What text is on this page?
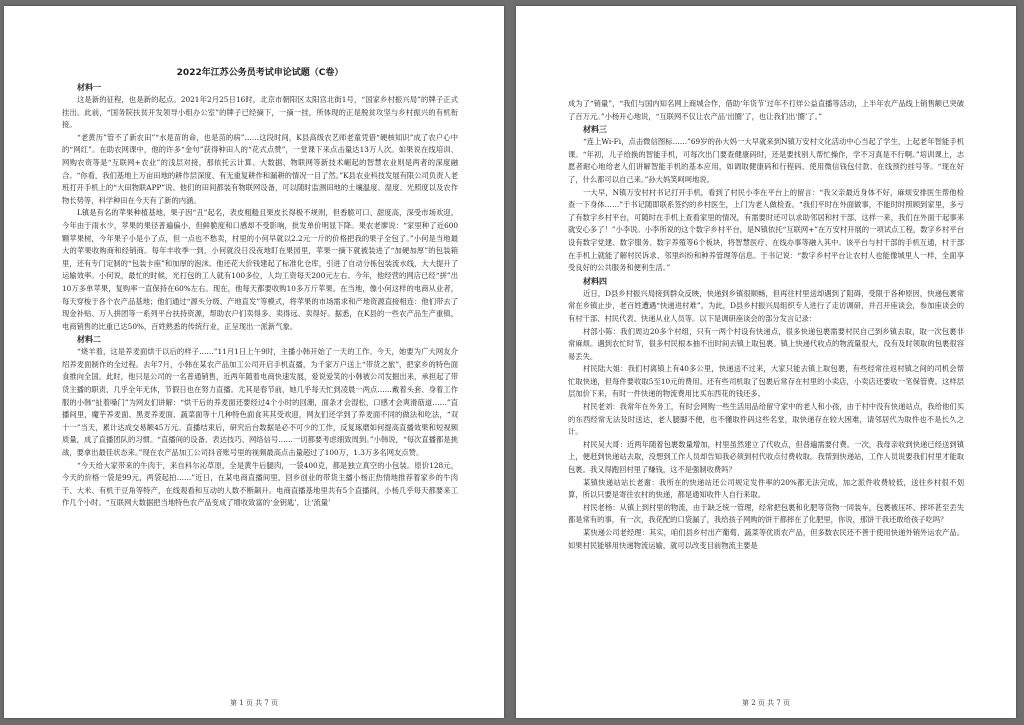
2022年江苏公务员考试申论试题（C卷）
材料一

这是新的征程，也是新的起点。2021年2月25日16时，北京市朝阳区太阳宫北街1号，“国家乡村振兴局”的牌子正式挂出。此前，“国务院扶贫开发领导小组办公室”的牌子已经摘下，一摘一挂，所体现的正是脱贫攻坚与乡村振兴的有机衔接。

“老黄历”管不了新农田”“水是苗的命，也是苗的病”……这段时间，K县高级农艺师老童凭借“硬核知识”成了农户心中的“网红”。在助农网课中，他的许多“金句”获得种田人的“花式点赞”，一堂课下来点击量达13万人次。如果说在线培训、网购农资等是“互联网+农业”的浅层对接，那依托云计算、大数据、物联网等新技术崛起的智慧农业则是两者的深度融合。“你看，我们基地上万亩田地的耕作层深度、有无重复耕作和漏耕的情况一目了然。”K县农业科技发展有限公司负责人老班打开手机上的“大田物联APP”说。他们的田间都装有物联网设备，可以随时监测田地的土壤温度、湿度、光照度以及农作物长势等，科学种田在今天有了新的内涵。

L镇是有名的苹果种植基地，果子因“丑”起名，表皮粗糙且果皮长得极不规则，但香脆可口、甜度高，深受市场欢迎。今年由于雨水少，苹果的果径普遍偏小，但鲜脆度和口感却不受影响，批发单价明显下降。果农老廖说：“家里种了近600颗苹果树，今年果子小是小了点，但一点也不愁卖，村里的小何早就以2.2元一斤的价格把我的果子全包了。”小何是当地最大的苹果收购商和经销商。每年丰收季一到，小何就没日没夜地盯在果园里，苹果一摘下就被装进了“加硬加厚”的包装箱里，还有专门定制的“包装卡座”和加厚的泡沫。他还花大价钱建起了标准化仓库，引进了自动分拣包装流水线，大大提升了运输效率。小何说，最忙的时候，光打包的工人就有100多位，人均工资每天200元左右。今年，他经营的网店已经“拼”出10万多单苹果，复购率一直保持在60%左右。现在，他每天都要收购10多万斤苹果。在当地，像小何这样的电商从业者，每天穿梭于各个农产品基地；他们通过“源头分级、产地直发”等模式，将苹果的市场需求和产地资源直接相连：他们带去了现金补贴、万人拼团等一系列平台扶持资源，帮助农户们卖得多、卖得远、卖得好。据悉，在K县的一些农产品生产重镇，电商销售的比重已达50%，百姓熟悉的传统行业，正呈现出一派新气象。

材料二

“烧羊着，这是养麦面烘干以后的样子……”11月1日上午9时，主播小韩开始了一天的工作。今天，她要为广大网友介绍养麦面制作的全过程。去年7月，小韩在某农产品加工公司开启手机直播，为千家万户送上“带货之旅”，把家乡的特色面食推向全国。此时，他只是公司的一名普通销售，近两年随着电商快速发展，爱说爱笑的小韩被公司发掘出来，承担起了带货主播的职责，几乎全年无休，节假日也在努力直播。尤其是春节前，她几乎每天忙到凌晨一两点……戴着头套、身着工作服的小韩“扯着嗓门”为网友们讲解：“烘干后的养麦面还要经过4个小时的回潮，面条才会湿松，口感才会爽滑筋道……”直播间里，魔芋养麦面、黑麦养麦面、蔬菜面等十几种特色面食其其受欢迎，网友们还学到了养麦面不同的做法和吃法，“双十一”当天，累计达成交易额45万元。直播结束后，研究后台数据是必不可少的工作，反复琢磨如何提高直播效果和短视频质量，成了直播团队的习惯。“直播间的设备、表达技巧、网络信号……一切都要考虑细致周到。”小韩说，“每次直播都是挑战，要拿出最佳状态来。”现在农产品加工公司抖音账号里的视频最高点击量超过了100万，1.3万多名网友点赞。

“今天给大家带来的牛肉干，来自科尔沁草原，全是黄牛后腿肉，一袋400克，都是独立真空的小包装。原价128元，今天的价格一袋是99元，两袋起拍……”近日，在某电商直播间里，回乡创业的带货主播小杨正热情地推荐着家乡的牛肉干、大米、有机干豆角等特产，在线观看和互动的人数不断飙升。电商直播基地里共有5个直播间，小杨几乎每天都要来工作几个小时。“互联网大数据把当地特色农产品变成了增收致富的‘金钥匙’，让‘流量’

第 1 页 共 7 页

成为了“销量”，“我们与国内知名网上商城合作，借助‘年货节’过年不打烊公益直播等活动，上半年农产品线上销售额已突破了百万元。”小杨开心地说，“互联网不仅让农产品‘出圈’了，也让我们出‘圈’了。”

材料三

“连上Wi-Fi，点击微信图标……”69岁的孙大妈一大早就来到N镇万安村文化活动中心当起了学生，上起老年智能手机课。“年初，儿子给换的智能手机，可每次出门要查健康码时，还是要找别人帮忙操作，学不习真是不行啊。”培训课上，志愿者耐心地给老人们讲解智能手机的基本应用，如调取健康码和行程码、使用微信钱包付款、在线预约挂号等。“现在好了，什么都可以自己来。”孙大妈笑呵呵地说。

一大早，N镇万安村村书记打开手机，看到了村民小李在平台上的留言：“我父亲最近身体不好，麻烦安排医生帮他检查一下身体……”于书记随即联系签约的乡村医生，上门为老人做检查。“我们平时在外面做事，不能时时照顾到家里，多亏了有数字乡村平台，可随时在手机上查看家里的情况，有需要时还可以求助邻居和村干部，这样一来，我们在外面干起事来就安心多了！”小李说。小李所说的这个数字乡村平台，是N镇依托“互联网+”在万安村开展的一项试点工程，数字乡村平台设有数字党建、数字服务、数字养殖等6个板块，将智慧医疗、在线办事等融入其中。该平台与村干部的手机互通，村干部在手机上就能了解村民诉求、邻里纠纷和种养管理等信息。于书记说：“数字乡村平台让农村人也能像城里人一样，全面享受良好的公共服务和便利生活。”

材料四

近日，D县乡村振兴局接到群众反映，快递到乡镇很顺畅，但再往村里送却遇到了阻碍，受限于各种原因，快递包裹常常在乡镇止步，老百姓遭遇“快递进村难”。为此，D县乡村振兴局组织专人进行了走访调研，并召开座谈会，参加座谈会的有村干部、村民代表、快递从业人员等。以下是调研座谈会的部分发言记录：

村部小陈：我们周边20多个村组，只有一两个村设有快递点，很多快递包裹需要村民自己到乡镇去取，取一次包裹非常麻烦。遇到农忙时节，很多村民根本抽不出时间去镇上取包裹。镇上快递代收点的物流量很大，没有及时领取的包裹很容易丢失。

村民陆大姐：我们村离镇上有40多公里，快递送不过来，大家只能去镇上取包裹，有些经常往返村镇之间的司机会帮忙取快递，但每件要收取5至10元的费用。还有些司机取了包裹后常存在村里的小卖店，小卖店还要收一笔保管费。这样层层加价下来，有时一件快递的物流费用比买东西花的钱还多。

村民老刘：我常年在外务工，有时会网购一些生活用品给留守家中的老人和小孩，由于村中没有快递站点，我给他们买的东西经常无法及时送达，老人腿脚不便，也不懂取件码这些名堂，取快递存在较大困难，请邻居代为取件也不是长久之计。

村民吴大哥：近两年随着包裹数量增加，村里虽然建立了代收点，但普遍需要付费。一次，我母亲收到快递已经送到镇上，便赶到快递站去取，没想到工作人员却告知我必须到村代收点付费收取。我帮到快递站，工作人员说要我们村里才能取包裹。我又得跑回村里了赚钱，这不是强制收费吗？

某镇快递站站长老谢：我所在的快递站还公司规定发件率的20%都无法完成，加之派件收费较低，送往乡村很不划算，所以只要是寄往农村的快递，都是通知收件人自行来取。

村民老杨：从镇上到村里的物流，由于缺乏统一管理，经常把包裹和化肥等货物一同装车，包裹被压坏、摔坏甚至丢失都是常有的事，有一次，我花配的口袋漏了，我给孩子网购的饼干都摔在了化肥里，你说，那饼干我还敢给孩子吃吗？

某快递公司老经理：其实，咱们县乡村出产葡萄、蔬菜等优质农产品，但多数农民还不善于使用快递外销外运农产品。如果村民能够用快递物流运输，就可以改变目前物流主要是

第 2 页 共 7 页
